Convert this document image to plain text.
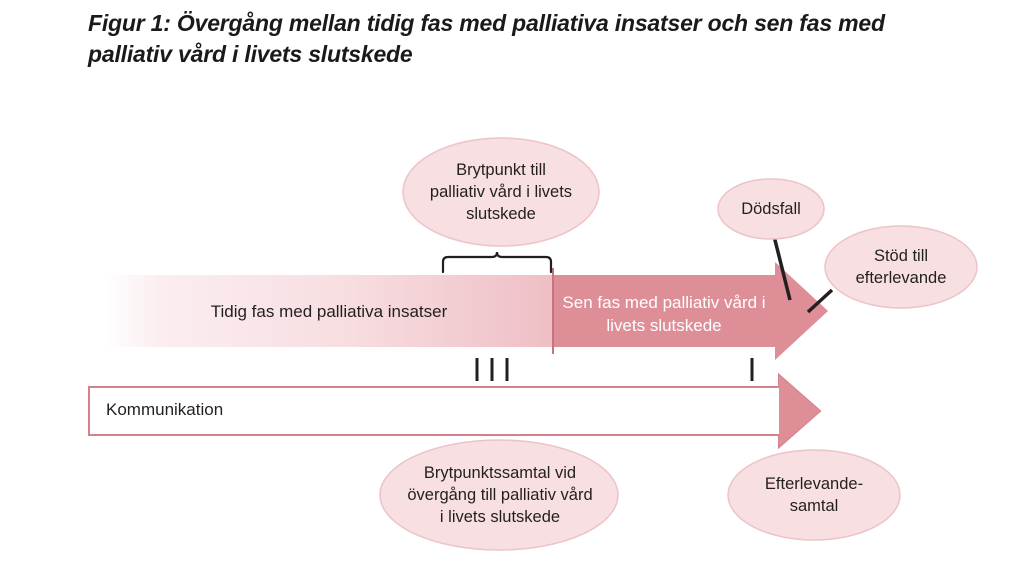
Figur 1: Övergång mellan tidig fas med palliativa insatser och sen fas med palliativ vård i livets slutskede
Tidig fas med palliativa insatser	Sen fas med palliativ vård i livets slutskede
Kommunikation
Brytpunkt till
palliativ vård i livets
slutskede	Dödsfall
Stöd till
efterlevande
Brytpunktssamtal vid
övergång till palliativ vård
i livets slutskede
Efterlevande-
samtal
